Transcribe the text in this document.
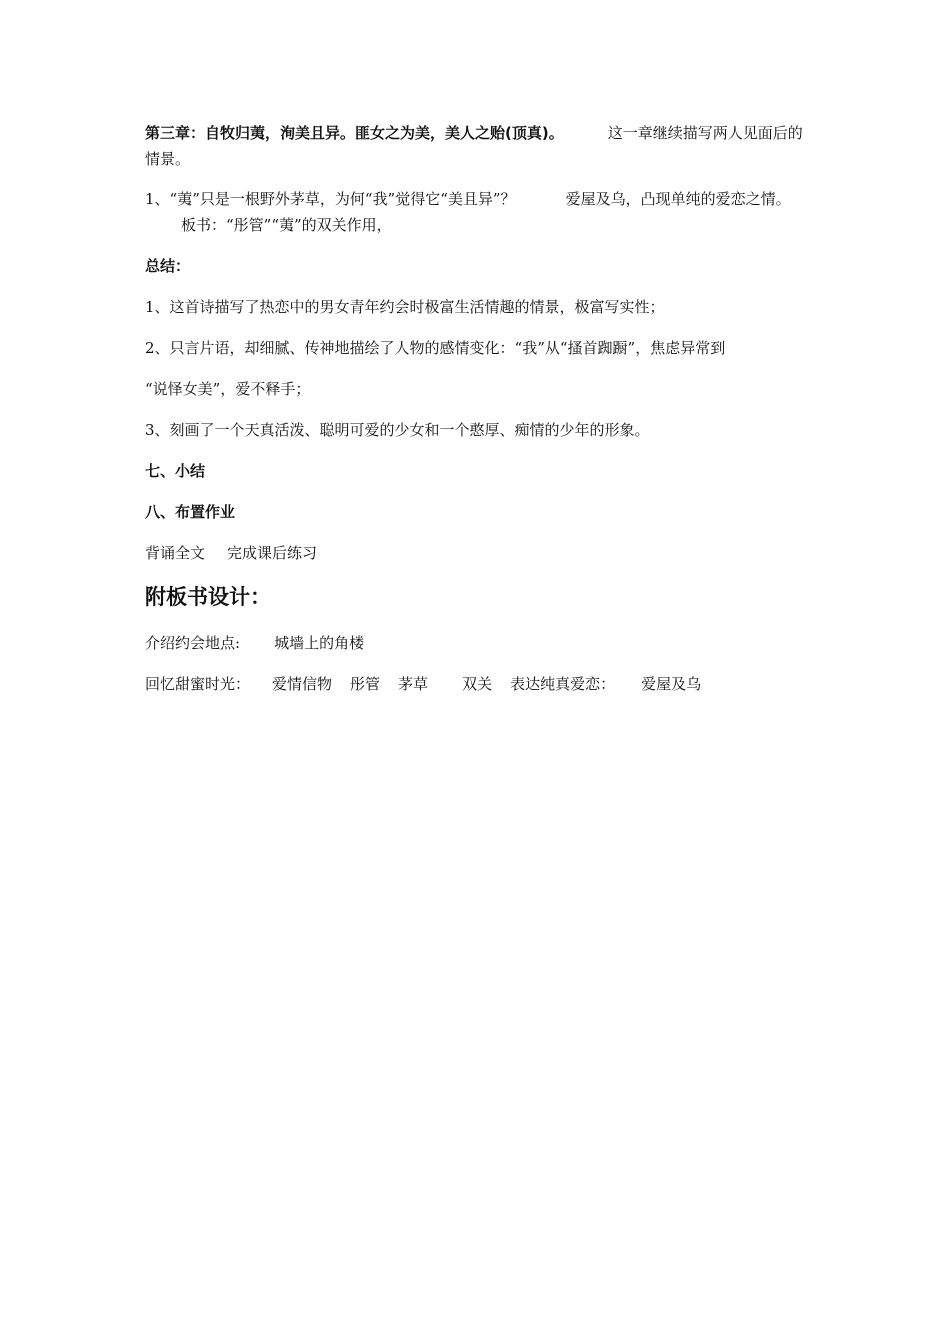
第三章：自牧归荑，洵美且异。匪女之为美，美人之贻(顶真)。	这一章继续描写两人见面后的情景。
1、“荑”只是一根野外茅草，为何“我”觉得它“美且异”？	爱屋及乌，凸现单纯的爱恋之情。板书：“彤管”“荑”的双关作用，
总结：
1、这首诗描写了热恋中的男女青年约会时极富生活情趣的情景，极富写实性；
2、只言片语，却细腻、传神地描绘了人物的感情变化：“我”从“搔首踟蹰”，焦虑异常到
“说怿女美”，爱不释手；
3、刻画了一个天真活泼、聪明可爱的少女和一个憨厚、痴情的少年的形象。
七、小结
八、布置作业
背诵全文 完成课后练习
附板书设计：
介绍约会地点: 城墙上的角楼
回忆甜蜜时光： 爱情信物 彤管 茅草 双关 表达纯真爱恋： 爱屋及乌
